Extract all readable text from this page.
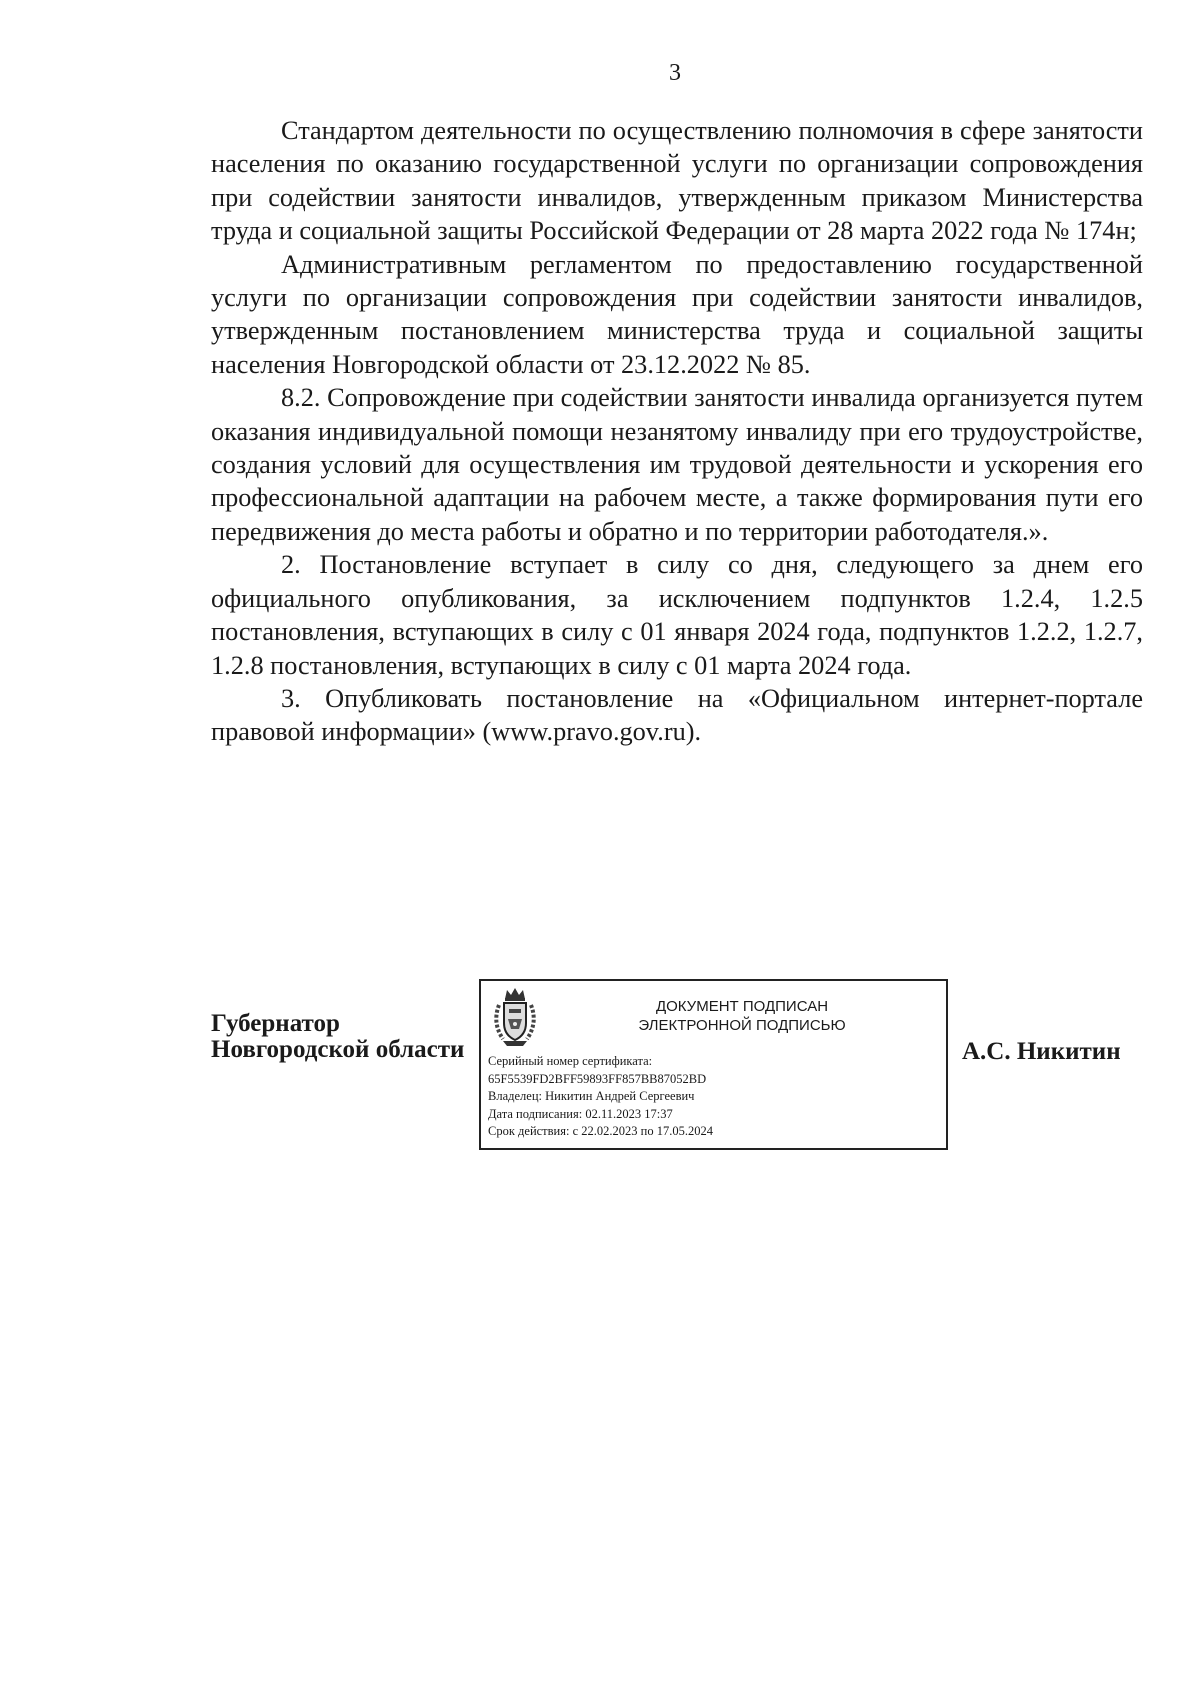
3

Стандартом деятельности по осуществлению полномочия в сфере занятости населения по оказанию государственной услуги по организации сопровождения при содействии занятости инвалидов, утвержденным приказом Министерства труда и социальной защиты Российской Федерации от 28 марта 2022 года № 174н;

Административным регламентом по предоставлению государственной услуги по организации сопровождения при содействии занятости инвалидов, утвержденным постановлением министерства труда и социальной защиты населения Новгородской области от 23.12.2022 № 85.

8.2. Сопровождение при содействии занятости инвалида организуется путем оказания индивидуальной помощи незанятому инвалиду при его трудоустройстве, создания условий для осуществления им трудовой деятельности и ускорения его профессиональной адаптации на рабочем месте, а также формирования пути его передвижения до места работы и обратно и по территории работодателя.».

2. Постановление вступает в силу со дня, следующего за днем его официального опубликования, за исключением подпунктов 1.2.4, 1.2.5 постановления, вступающих в силу с 01 января 2024 года, подпунктов 1.2.2, 1.2.7, 1.2.8 постановления, вступающих в силу с 01 марта 2024 года.

3. Опубликовать постановление на «Официальном интернет-портале правовой информации» (www.pravo.gov.ru).

Губернатор
Новгородской области
ДОКУМЕНТ ПОДПИСАН
ЭЛЕКТРОННОЙ ПОДПИСЬЮ
Серийный номер сертификата:
65F5539FD2BFF59893FF857BB87052BD
Владелец: Никитин Андрей Сергеевич
Дата подписания: 02.11.2023 17:37
Срок действия: с 22.02.2023 по 17.05.2024
А.С. Никитин
